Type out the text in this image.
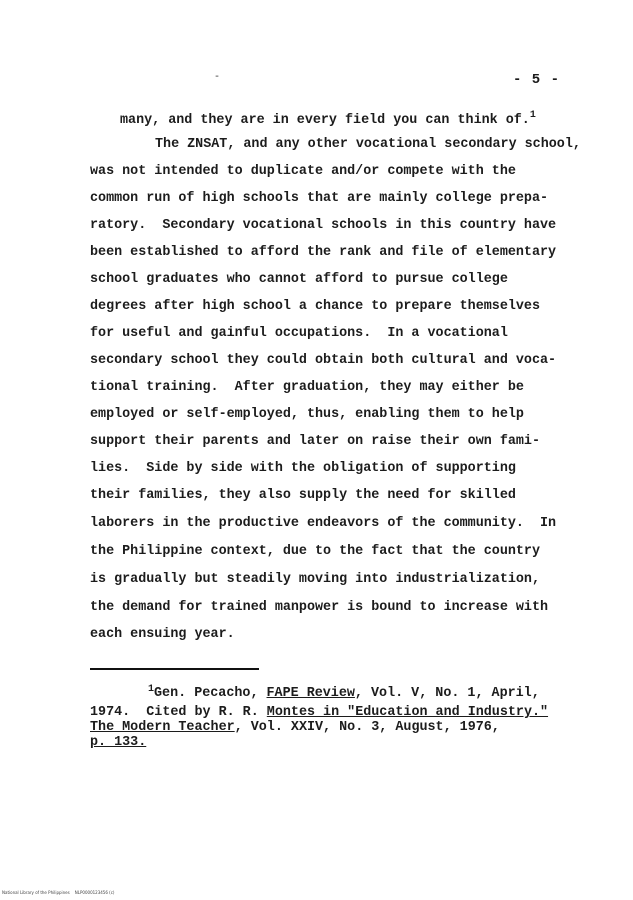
-	- 5 -
many, and they are in every field you can think of.$^1$
The ZNSAT, and any other vocational secondary school,
was not intended to duplicate and/or compete with the
common run of high schools that are mainly college prepa-
ratory.  Secondary vocational schools in this country have
been established to afford the rank and file of elementary
school graduates who cannot afford to pursue college
degrees after high school a chance to prepare themselves
for useful and gainful occupations.  In a vocational
secondary school they could obtain both cultural and voca-
tional training.  After graduation, they may either be
employed or self-employed, thus, enabling them to help
support their parents and later on raise their own fami-
lies.  Side by side with the obligation of supporting
their families, they also supply the need for skilled
laborers in the productive endeavors of the community.  In
the Philippine context, due to the fact that the country
is gradually but steadily moving into industrialization,
the demand for trained manpower is bound to increase with
each ensuing year.
$^1$Gen. Pecacho, FAPE Review, Vol. V, No. 1, April,
1974.  Cited by R. R. Montes in "Education and Industry."
The Modern Teacher, Vol. XXIV, No. 3, August, 1976,
p. 133.
National Library of the Philippines    NLP0000123456 (c)
